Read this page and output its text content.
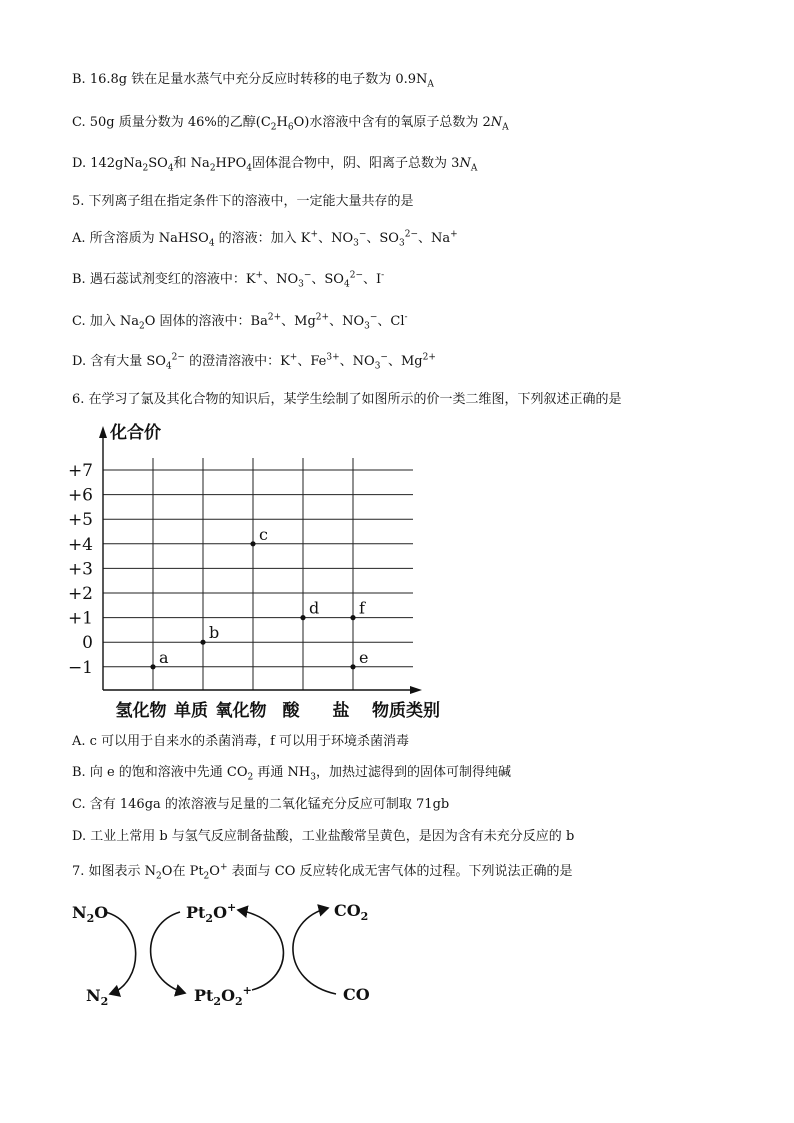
B. 16.8g 铁在足量水蒸气中充分反应时转移的电子数为 $0.9N_A$
C. 50g 质量分数为 46%的乙醇$(C_2H_6O)$水溶液中含有的氧原子总数为 $2N_A$
D. $142gNa_2SO_4$和 $Na_2HPO_4$固体混合物中，阴、阳离子总数为 $3N_A$
5. 下列离子组在指定条件下的溶液中，一定能大量共存的是
A. 所含溶质为 NaHSO$_4$ 的溶液：加入 K+、$NO_3^-$、$SO_3^{2-}$、Na+
B. 遇石蕊试剂变红的溶液中：K+、$NO_3^-$、$SO_4^{2-}$、I-
C. 加入 $Na_2O$ 固体的溶液中：$Ba^{2+}$、$Mg^{2+}$、$NO_3^-$、Cl-
D. 含有大量 $SO_4^{2-}$ 的澄清溶液中：K+、$Fe^{3+}$、$NO_3^-$、$Mg^{2+}$
6. 在学习了氯及其化合物的知识后，某学生绘制了如图所示的价一类二维图，下列叙述正确的是
化合价
+7
+6
+5
+4
+3
+2
+1
0
−1
氢化物 单质 氧化物 酸 盐 物质类别
a
b
c
d f
e
A. c 可以用于自来水的杀菌消毒，f 可以用于环境杀菌消毒
B. 向 e 的饱和溶液中先通 $CO_2$ 再通 $NH_3$，加热过滤得到的固体可制得纯碱
C. 含有 146ga 的浓溶液与足量的二氧化锰充分反应可制取 71gb
D. 工业上常用 b 与氢气反应制备盐酸，工业盐酸常呈黄色，是因为含有未充分反应的 b
7. 如图表示 $N_2O$在 $Pt_2O^+$ 表面与 CO 反应转化成无害气体的过程。下列说法正确的是
$N_2O$
$N_2$
$Pt_2O^+$
$Pt_2O_2^+$
$CO_2$
CO
